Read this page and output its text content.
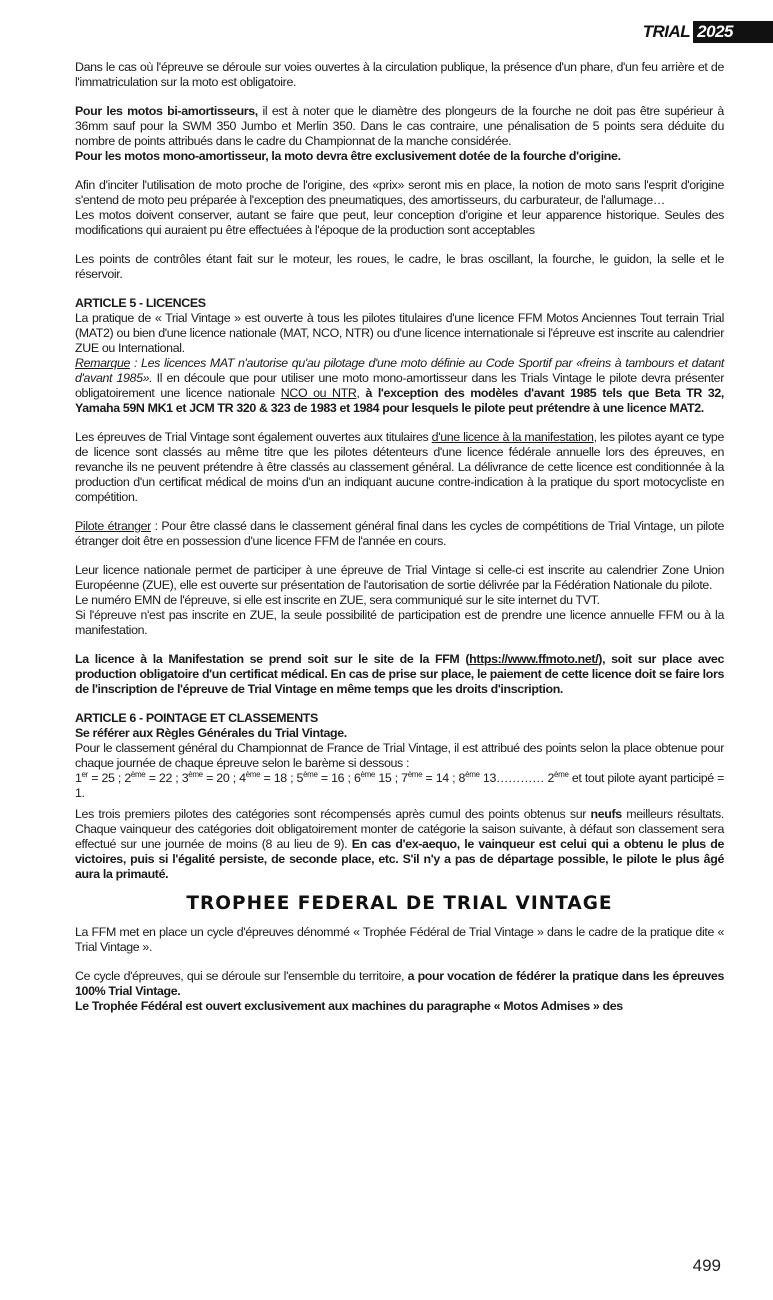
TRIAL 2025

Dans le cas où l'épreuve se déroule sur voies ouvertes à la circulation publique, la présence d'un phare, d'un feu arrière et de l'immatriculation sur la moto est obligatoire.

Pour les motos bi-amortisseurs, il est à noter que le diamètre des plongeurs de la fourche ne doit pas être supérieur à 36mm sauf pour la SWM 350 Jumbo et Merlin 350. Dans le cas contraire, une pénalisation de 5 points sera déduite du nombre de points attribués dans le cadre du Championnat de la manche considérée.
Pour les motos mono-amortisseur, la moto devra être exclusivement dotée de la fourche d'origine.

Afin d'inciter l'utilisation de moto proche de l'origine, des «prix» seront mis en place, la notion de moto sans l'esprit d'origine s'entend de moto peu préparée à l'exception des pneumatiques, des amortisseurs, du carburateur, de l'allumage…

Les motos doivent conserver, autant se faire que peut, leur conception d'origine et leur apparence historique. Seules des modifications qui auraient pu être effectuées à l'époque de la production sont acceptables

Les points de contrôles étant fait sur le moteur, les roues, le cadre, le bras oscillant, la fourche, le guidon, la selle et le réservoir.

ARTICLE 5 - LICENCES

La pratique de « Trial Vintage » est ouverte à tous les pilotes titulaires d'une licence FFM Motos Anciennes Tout terrain Trial (MAT2) ou bien d'une licence nationale (MAT, NCO, NTR) ou d'une licence internationale si l'épreuve est inscrite au calendrier ZUE ou International.

Remarque : Les licences MAT n'autorise qu'au pilotage d'une moto définie au Code Sportif par «freins à tambours et datant d'avant 1985». Il en découle que pour utiliser une moto mono-amortisseur dans les Trials Vintage le pilote devra présenter obligatoirement une licence nationale NCO ou NTR, à l'exception des modèles d'avant 1985 tels que Beta TR 32, Yamaha 59N MK1 et JCM TR 320 & 323 de 1983 et 1984 pour lesquels le pilote peut prétendre à une licence MAT2.

Les épreuves de Trial Vintage sont également ouvertes aux titulaires d'une licence à la manifestation, les pilotes ayant ce type de licence sont classés au même titre que les pilotes détenteurs d'une licence fédérale annuelle lors des épreuves, en revanche ils ne peuvent prétendre à être classés au classement général. La délivrance de cette licence est conditionnée à la production d'un certificat médical de moins d'un an indiquant aucune contre-indication à la pratique du sport motocycliste en compétition.

Pilote étranger : Pour être classé dans le classement général final dans les cycles de compétitions de Trial Vintage, un pilote étranger doit être en possession d'une licence FFM de l'année en cours.

Leur licence nationale permet de participer à une épreuve de Trial Vintage si celle-ci est inscrite au calendrier Zone Union Européenne (ZUE), elle est ouverte sur présentation de l'autorisation de sortie délivrée par la Fédération Nationale du pilote.

Le numéro EMN de l'épreuve, si elle est inscrite en ZUE, sera communiqué sur le site internet du TVT.

Si l'épreuve n'est pas inscrite en ZUE, la seule possibilité de participation est de prendre une licence annuelle FFM ou à la manifestation.

La licence à la Manifestation se prend soit sur le site de la FFM (https://www.ffmoto.net/), soit sur place avec production obligatoire d'un certificat médical. En cas de prise sur place, le paiement de cette licence doit se faire lors de l'inscription de l'épreuve de Trial Vintage en même temps que les droits d'inscription.

ARTICLE 6 - POINTAGE ET CLASSEMENTS
Se référer aux Règles Générales du Trial Vintage.

Pour le classement général du Championnat de France de Trial Vintage, il est attribué des points selon la place obtenue pour chaque journée de chaque épreuve selon le barème si dessous :

1er = 25 ; 2ème = 22 ; 3ème = 20 ; 4ème = 18 ; 5ème = 16 ; 6ème 15 ; 7ème = 14 ; 8ème 13………… 2ème et tout pilote ayant participé = 1.

Les trois premiers pilotes des catégories sont récompensés après cumul des points obtenus sur neufs meilleurs résultats. Chaque vainqueur des catégories doit obligatoirement monter de catégorie la saison suivante, à défaut son classement sera effectué sur une journée de moins (8 au lieu de 9). En cas d'ex-aequo, le vainqueur est celui qui a obtenu le plus de victoires, puis si l'égalité persiste, de seconde place, etc. S'il n'y a pas de départage possible, le pilote le plus âgé aura la primauté.

TROPHEE FEDERAL DE TRIAL VINTAGE

La FFM met en place un cycle d'épreuves dénommé « Trophée Fédéral de Trial Vintage » dans le cadre de la pratique dite « Trial Vintage ».

Ce cycle d'épreuves, qui se déroule sur l'ensemble du territoire, a pour vocation de fédérer la pratique dans les épreuves 100% Trial Vintage.
Le Trophée Fédéral est ouvert exclusivement aux machines du paragraphe « Motos Admises » des

499
